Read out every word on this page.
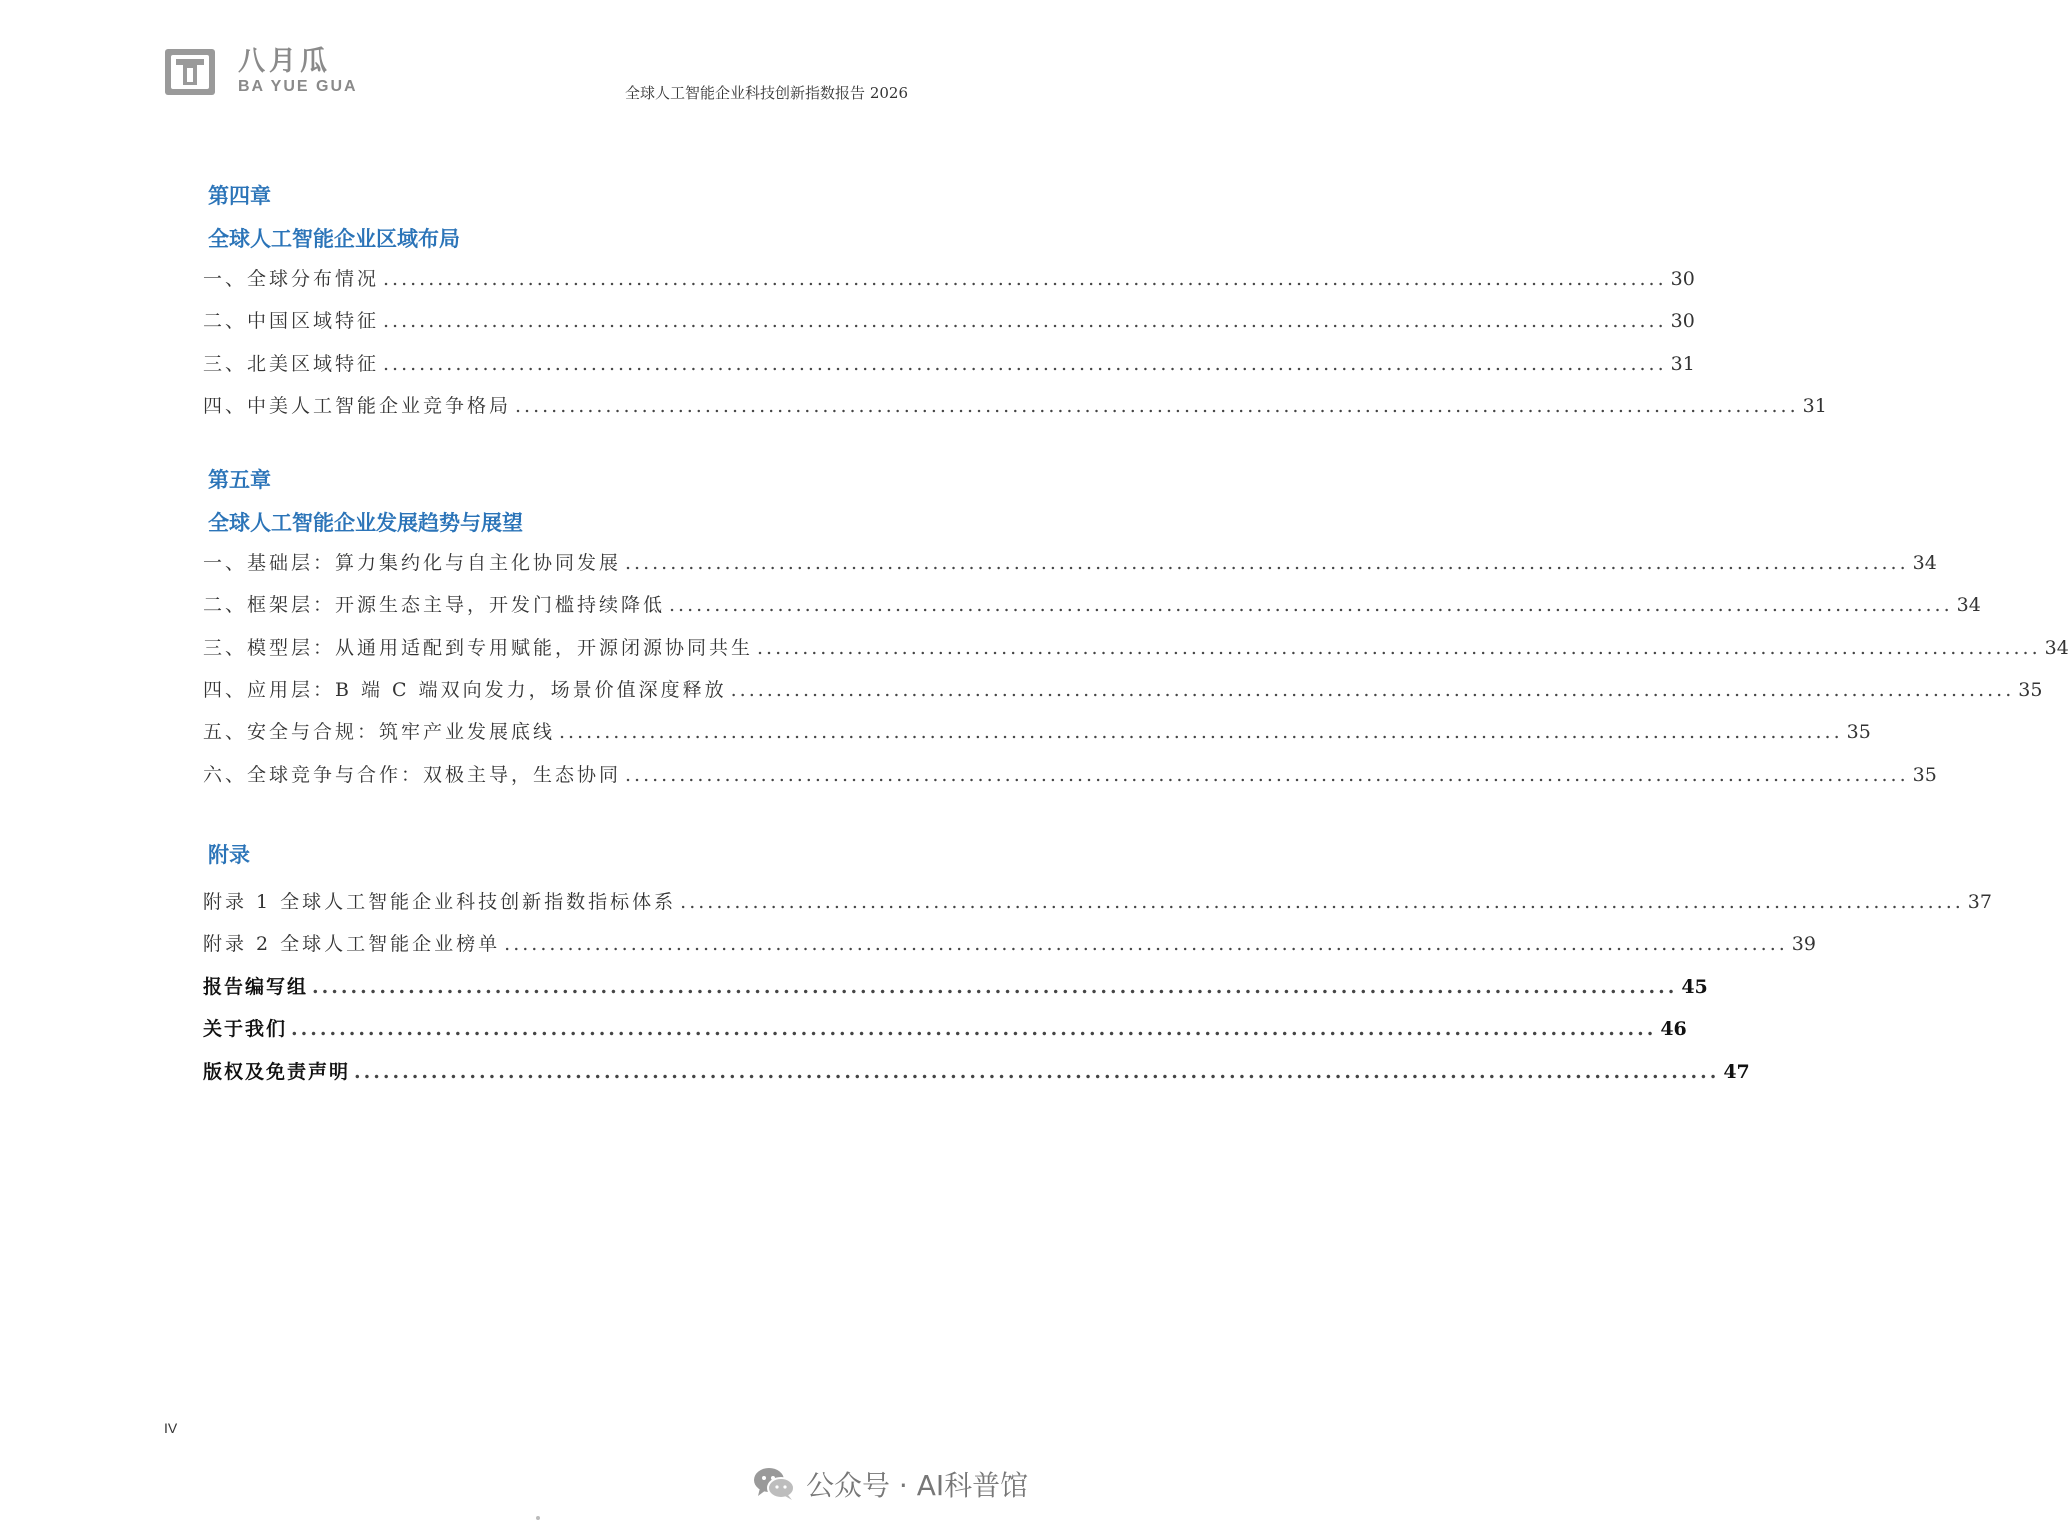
八月瓜
BA YUE GUA	全球人工智能企业科技创新指数报告 2026
第四章
全球人工智能企业区域布局
一、全球分布情况 .............................................................................................................................................. 30
二、中国区域特征 .............................................................................................................................................. 30
三、北美区域特征 .............................................................................................................................................. 31
四、中美人工智能企业竞争格局 .............................................................................................................................................. 31
第五章
全球人工智能企业发展趋势与展望
一、基础层：算力集约化与自主化协同发展 .............................................................................................................................................. 34
二、框架层：开源生态主导，开发门槛持续降低 .............................................................................................................................................. 34
三、模型层：从通用适配到专用赋能，开源闭源协同共生 .............................................................................................................................................. 34
四、应用层：B 端 C 端双向发力，场景价值深度释放 .............................................................................................................................................. 35
五、安全与合规：筑牢产业发展底线 .............................................................................................................................................. 35
六、全球竞争与合作：双极主导，生态协同 .............................................................................................................................................. 35
附录
附录 1 全球人工智能企业科技创新指数指标体系 .............................................................................................................................................. 37
附录 2 全球人工智能企业榜单 .............................................................................................................................................. 39
报告编写组 .............................................................................................................................................. 45
关于我们 .............................................................................................................................................. 46
版权及免责声明 .............................................................................................................................................. 47
IV
公众号 · AI科普馆
